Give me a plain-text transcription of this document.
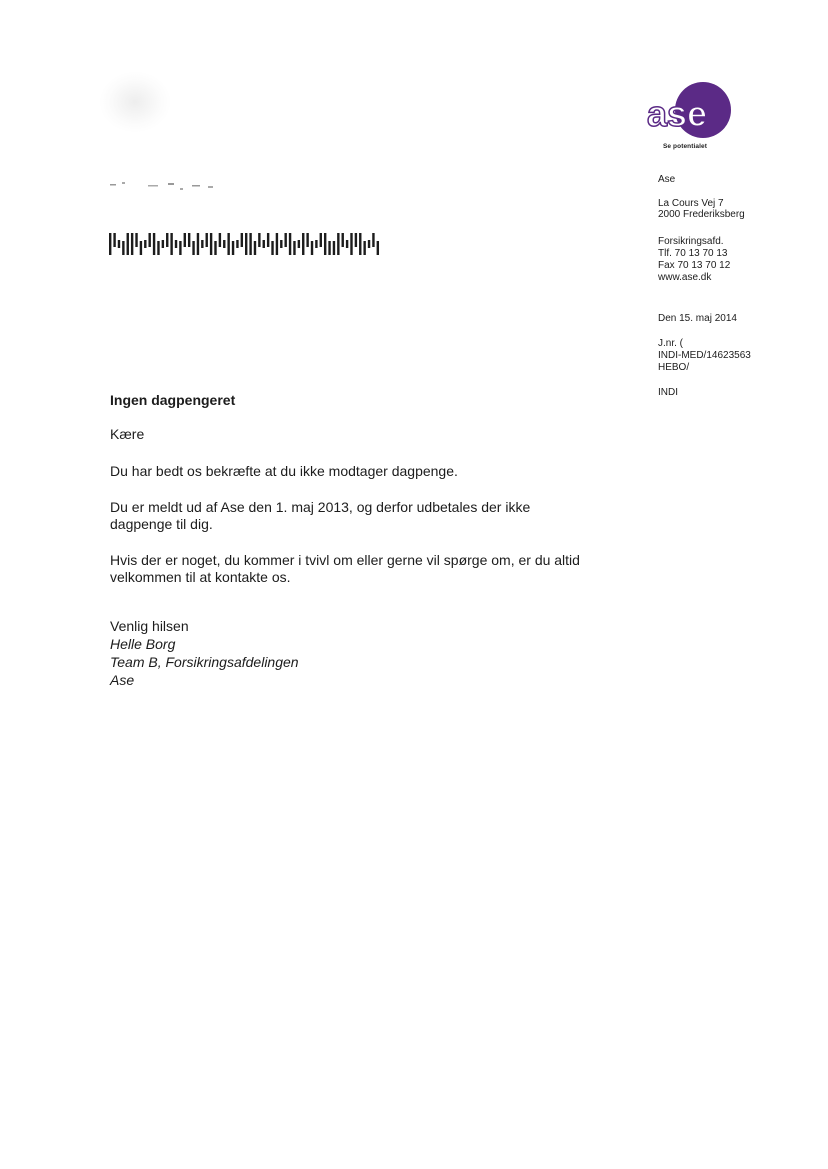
ase
Se potentialet
Ase
La Cours Vej 7
2000 Frederiksberg
Forsikringsafd.
Tlf. 70 13 70 13
Fax 70 13 70 12
www.ase.dk
Den 15. maj 2014
J.nr. (
INDI-MED/14623563
HEBO/
INDI
Ingen dagpengeret
Kære
Du har bedt os bekræfte at du ikke modtager dagpenge.
Du er meldt ud af Ase den 1. maj 2013, og derfor udbetales der ikke dagpenge til dig.
Hvis der er noget, du kommer i tvivl om eller gerne vil spørge om, er du altid velkommen til at kontakte os.
Venlig hilsen
Helle Borg
Team B, Forsikringsafdelingen
Ase
